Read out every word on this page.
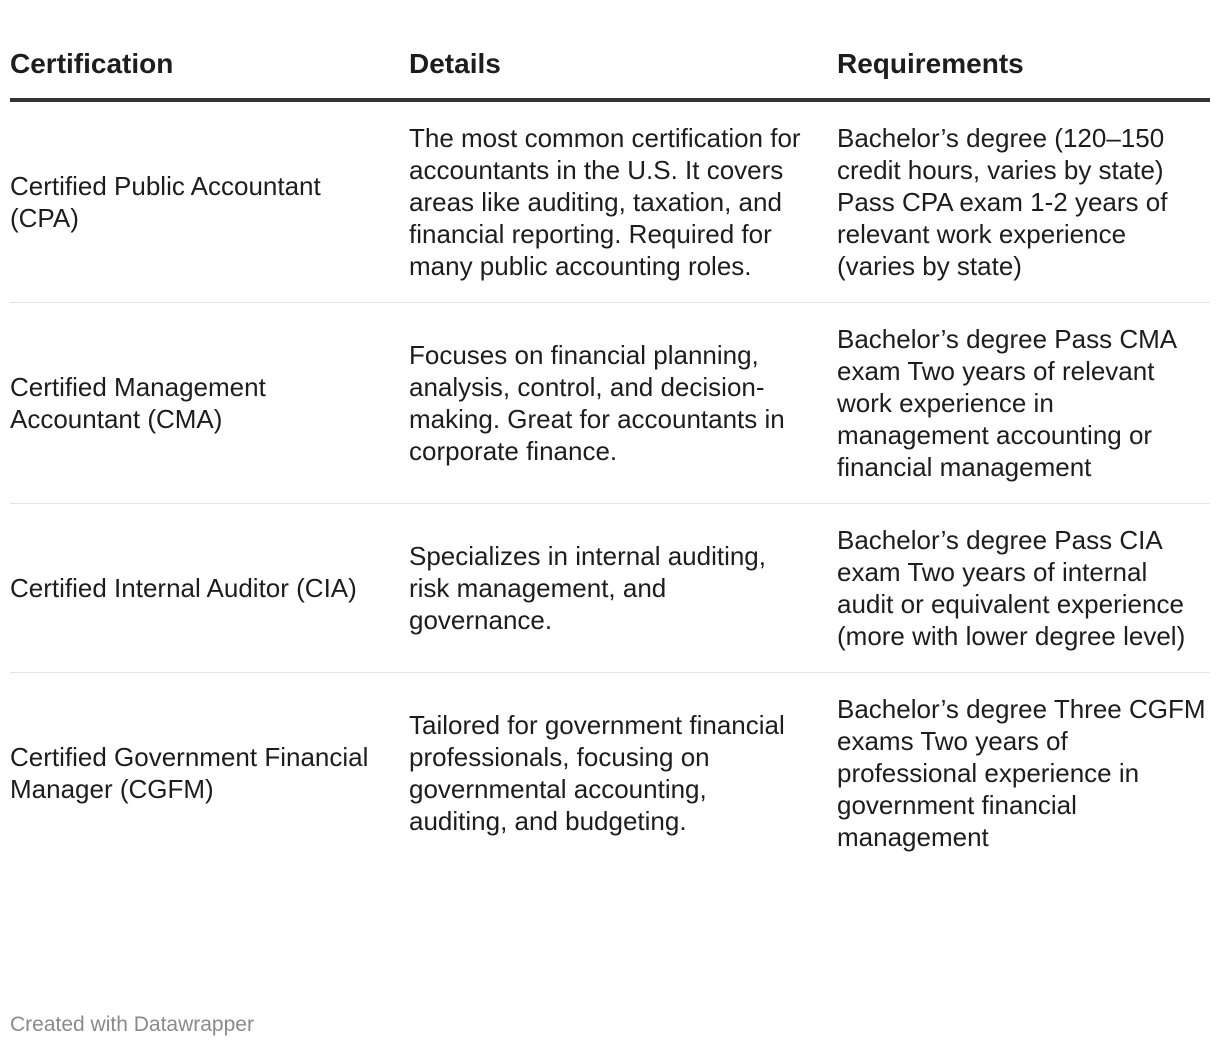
Certification	Details	Requirements
Certified Public Accountant (CPA)	The most common certification for accountants in the U.S. It covers areas like auditing, taxation, and financial reporting. Required for many public accounting roles.	Bachelor’s degree (120–150 credit hours, varies by state) Pass CPA exam 1-2 years of relevant work experience (varies by state)
Certified Management Accountant (CMA)	Focuses on financial planning, analysis, control, and decision-making. Great for accountants in corporate finance.	Bachelor’s degree Pass CMA exam Two years of relevant work experience in management accounting or financial management
Certified Internal Auditor (CIA)	Specializes in internal auditing, risk management, and governance.	Bachelor’s degree Pass CIA exam Two years of internal audit or equivalent experience (more with lower degree level)
Certified Government Financial Manager (CGFM)	Tailored for government financial professionals, focusing on governmental accounting, auditing, and budgeting.	Bachelor’s degree Three CGFM exams Two years of professional experience in government financial management
Created with Datawrapper
